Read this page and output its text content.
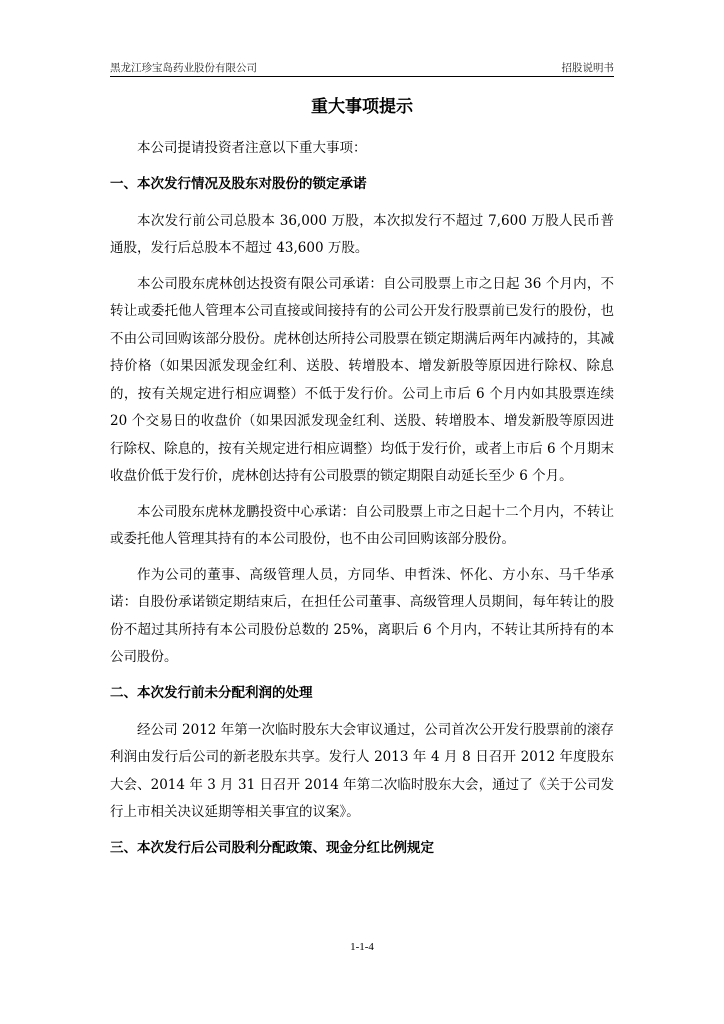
黑龙江珍宝岛药业股份有限公司	招股说明书
重大事项提示

本公司提请投资者注意以下重大事项：

一、本次发行情况及股东对股份的锁定承诺

本次发行前公司总股本 36,000 万股，本次拟发行不超过 7,600 万股人民币普通股，发行后总股本不超过 43,600 万股。

本公司股东虎林创达投资有限公司承诺：自公司股票上市之日起 36 个月内，不转让或委托他人管理本公司直接或间接持有的公司公开发行股票前已发行的股份，也不由公司回购该部分股份。虎林创达所持公司股票在锁定期满后两年内减持的，其减持价格（如果因派发现金红利、送股、转增股本、增发新股等原因进行除权、除息的，按有关规定进行相应调整）不低于发行价。公司上市后 6 个月内如其股票连续 20 个交易日的收盘价（如果因派发现金红利、送股、转增股本、增发新股等原因进行除权、除息的，按有关规定进行相应调整）均低于发行价，或者上市后 6 个月期末收盘价低于发行价，虎林创达持有公司股票的锁定期限自动延长至少 6 个月。

本公司股东虎林龙鹏投资中心承诺：自公司股票上市之日起十二个月内，不转让或委托他人管理其持有的本公司股份，也不由公司回购该部分股份。

作为公司的董事、高级管理人员，方同华、申哲洙、怀化、方小东、马千华承诺：自股份承诺锁定期结束后，在担任公司董事、高级管理人员期间，每年转让的股份不超过其所持有本公司股份总数的 25%，离职后 6 个月内，不转让其所持有的本公司股份。

二、本次发行前未分配利润的处理

经公司 2012 年第一次临时股东大会审议通过，公司首次公开发行股票前的滚存利润由发行后公司的新老股东共享。发行人 2013 年 4 月 8 日召开 2012 年度股东大会、2014 年 3 月 31 日召开 2014 年第二次临时股东大会，通过了《关于公司发行上市相关决议延期等相关事宜的议案》。

三、本次发行后公司股利分配政策、现金分红比例规定
1-1-4
